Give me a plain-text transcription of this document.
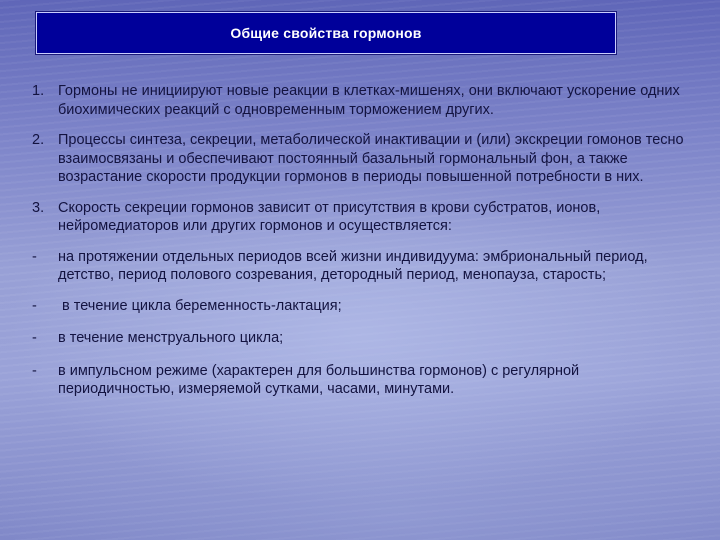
Общие свойства гормонов
1. Гормоны не инициируют новые реакции в клетках-мишенях, они включают ускорение одних биохимических реакций с одновременным торможением других.
2. Процессы синтеза, секреции, метаболической инактивации и (или) экскреции гомонов тесно взаимосвязаны и обеспечивают постоянный базальный гормональный фон, а также возрастание скорости продукции гормонов в периоды повышенной потребности в них.
3. Скорость секреции гормонов зависит от присутствия в крови субстратов, ионов, нейромедиаторов или других гормонов и осуществляется:
-	на протяжении отдельных периодов всей жизни индивидуума: эмбриональный период, детство, период полового созревания, детородный период, менопауза, старость;
-	в течение цикла беременность-лактация;
-	в течение менструального цикла;
-	в импульсном режиме (характерен для большинства гормонов) с регулярной периодичностью, измеряемой сутками, часами, минутами.
